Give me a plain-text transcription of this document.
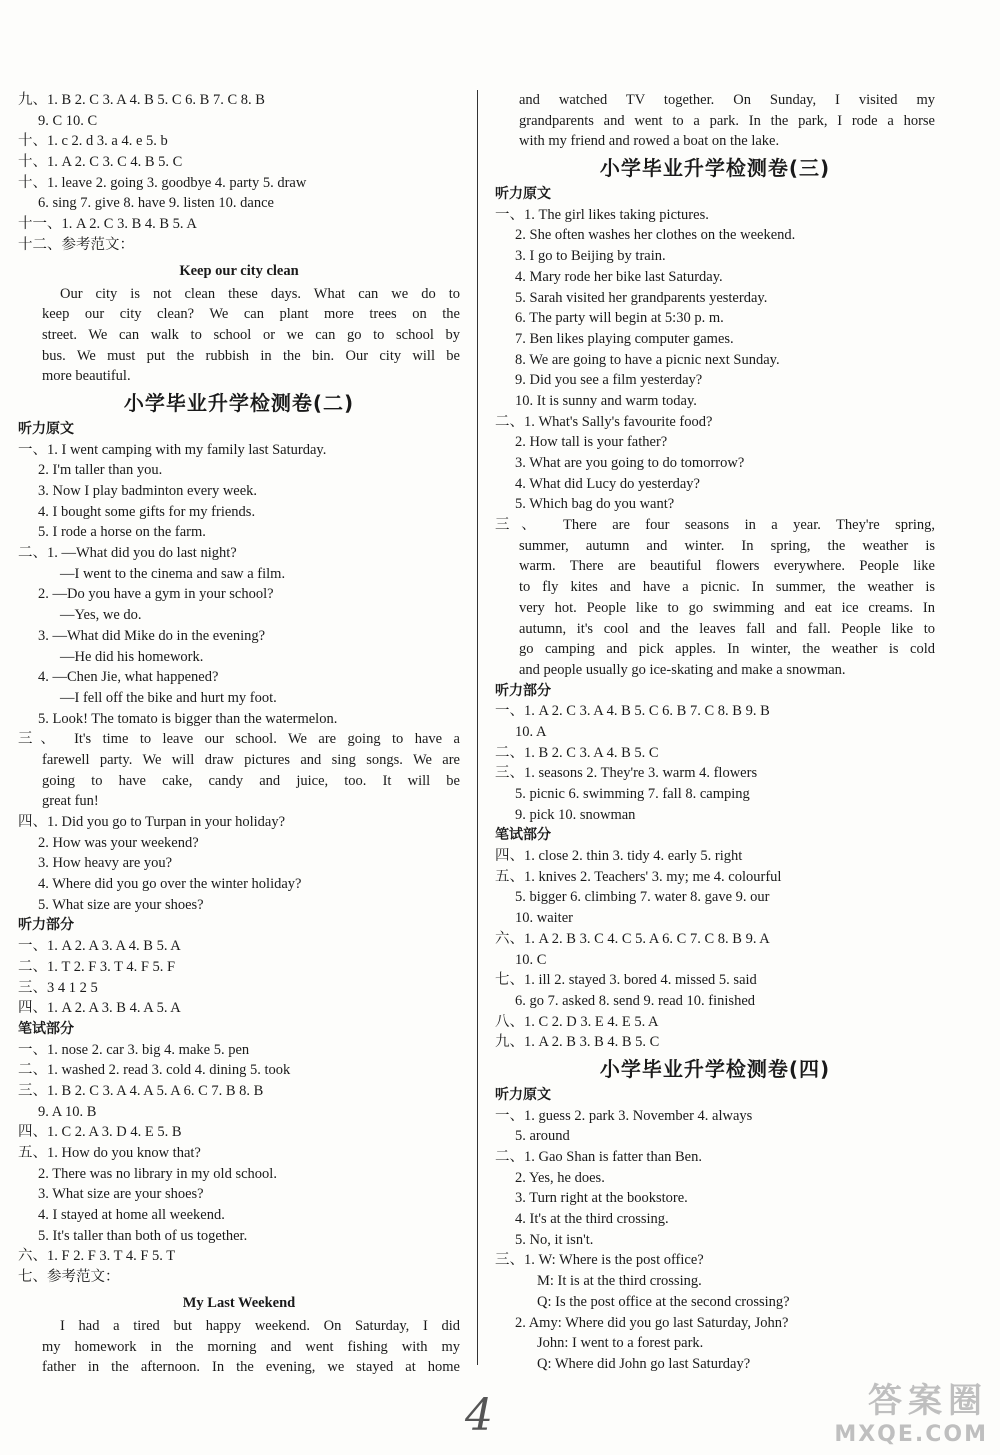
九、1. B 2. C 3. A 4. B 5. C 6. B 7. C 8. B
9. C 10. C
十、1. c 2. d 3. a 4. e 5. b
十、1. A 2. C 3. C 4. B 5. C
十、1. leave 2. going 3. goodbye 4. party 5. draw
6. sing 7. give 8. have 9. listen 10. dance
十一、1. A 2. C 3. B 4. B 5. A
十二、参考范文：
Keep our city clean
Our city is not clean these days. What can we do to
keep our city clean? We can plant more trees on the
street. We can walk to school or we can go to school by
bus. We must put the rubbish in the bin. Our city will be
more beautiful.
小学毕业升学检测卷(二)
听力原文
一、1. I went camping with my family last Saturday.
2. I'm taller than you.
3. Now I play badminton every week.
4. I bought some gifts for my friends.
5. I rode a horse on the farm.
二、1. —What did you do last night?
—I went to the cinema and saw a film.
2. —Do you have a gym in your school?
—Yes, we do.
3. —What did Mike do in the evening?
—He did his homework.
4. —Chen Jie, what happened?
—I fell off the bike and hurt my foot.
5. Look! The tomato is bigger than the watermelon.
三、 It's time to leave our school. We are going to have a
farewell party. We will draw pictures and sing songs. We are
going to have cake, candy and juice, too. It will be
great fun!
四、1. Did you go to Turpan in your holiday?
2. How was your weekend?
3. How heavy are you?
4. Where did you go over the winter holiday?
5. What size are your shoes?
听力部分
一、1. A 2. A 3. A 4. B 5. A
二、1. T 2. F 3. T 4. F 5. F
三、3 4 1 2 5
四、1. A 2. A 3. B 4. A 5. A
笔试部分
一、1. nose 2. car 3. big 4. make 5. pen
二、1. washed 2. read 3. cold 4. dining 5. took
三、1. B 2. C 3. A 4. A 5. A 6. C 7. B 8. B
9. A 10. B
四、1. C 2. A 3. D 4. E 5. B
五、1. How do you know that?
2. There was no library in my old school.
3. What size are your shoes?
4. I stayed at home all weekend.
5. It's taller than both of us together.
六、1. F 2. F 3. T 4. F 5. T
七、参考范文：
My Last Weekend
I had a tired but happy weekend. On Saturday, I did
my homework in the morning and went fishing with my
father in the afternoon. In the evening, we stayed at home
and watched TV together. On Sunday, I visited my
grandparents and went to a park. In the park, I rode a horse
with my friend and rowed a boat on the lake.
小学毕业升学检测卷(三)
听力原文
一、1. The girl likes taking pictures.
2. She often washes her clothes on the weekend.
3. I go to Beijing by train.
4. Mary rode her bike last Saturday.
5. Sarah visited her grandparents yesterday.
6. The party will begin at 5:30 p. m.
7. Ben likes playing computer games.
8. We are going to have a picnic next Sunday.
9. Did you see a film yesterday?
10. It is sunny and warm today.
二、1. What's Sally's favourite food?
2. How tall is your father?
3. What are you going to do tomorrow?
4. What did Lucy do yesterday?
5. Which bag do you want?
三、 There are four seasons in a year. They're spring,
summer, autumn and winter. In spring, the weather is
warm. There are beautiful flowers everywhere. People like
to fly kites and have a picnic. In summer, the weather is
very hot. People like to go swimming and eat ice creams. In
autumn, it's cool and the leaves fall and fall. People like to
go camping and pick apples. In winter, the weather is cold
and people usually go ice-skating and make a snowman.
听力部分
一、1. A 2. C 3. A 4. B 5. C 6. B 7. C 8. B 9. B
10. A
二、1. B 2. C 3. A 4. B 5. C
三、1. seasons 2. They're 3. warm 4. flowers
5. picnic 6. swimming 7. fall 8. camping
9. pick 10. snowman
笔试部分
四、1. close 2. thin 3. tidy 4. early 5. right
五、1. knives 2. Teachers' 3. my; me 4. colourful
5. bigger 6. climbing 7. water 8. gave 9. our
10. waiter
六、1. A 2. B 3. C 4. C 5. A 6. C 7. C 8. B 9. A
10. C
七、1. ill 2. stayed 3. bored 4. missed 5. said
6. go 7. asked 8. send 9. read 10. finished
八、1. C 2. D 3. E 4. E 5. A
九、1. A 2. B 3. B 4. B 5. C
小学毕业升学检测卷(四)
听力原文
一、1. guess 2. park 3. November 4. always
5. around
二、1. Gao Shan is fatter than Ben.
2. Yes, he does.
3. Turn right at the bookstore.
4. It's at the third crossing.
5. No, it isn't.
三、1. W: Where is the post office?
M: It is at the third crossing.
Q: Is the post office at the second crossing?
2. Amy: Where did you go last Saturday, John?
John: I went to a forest park.
Q: Where did John go last Saturday?
4	答案圈
MXQE.COM
